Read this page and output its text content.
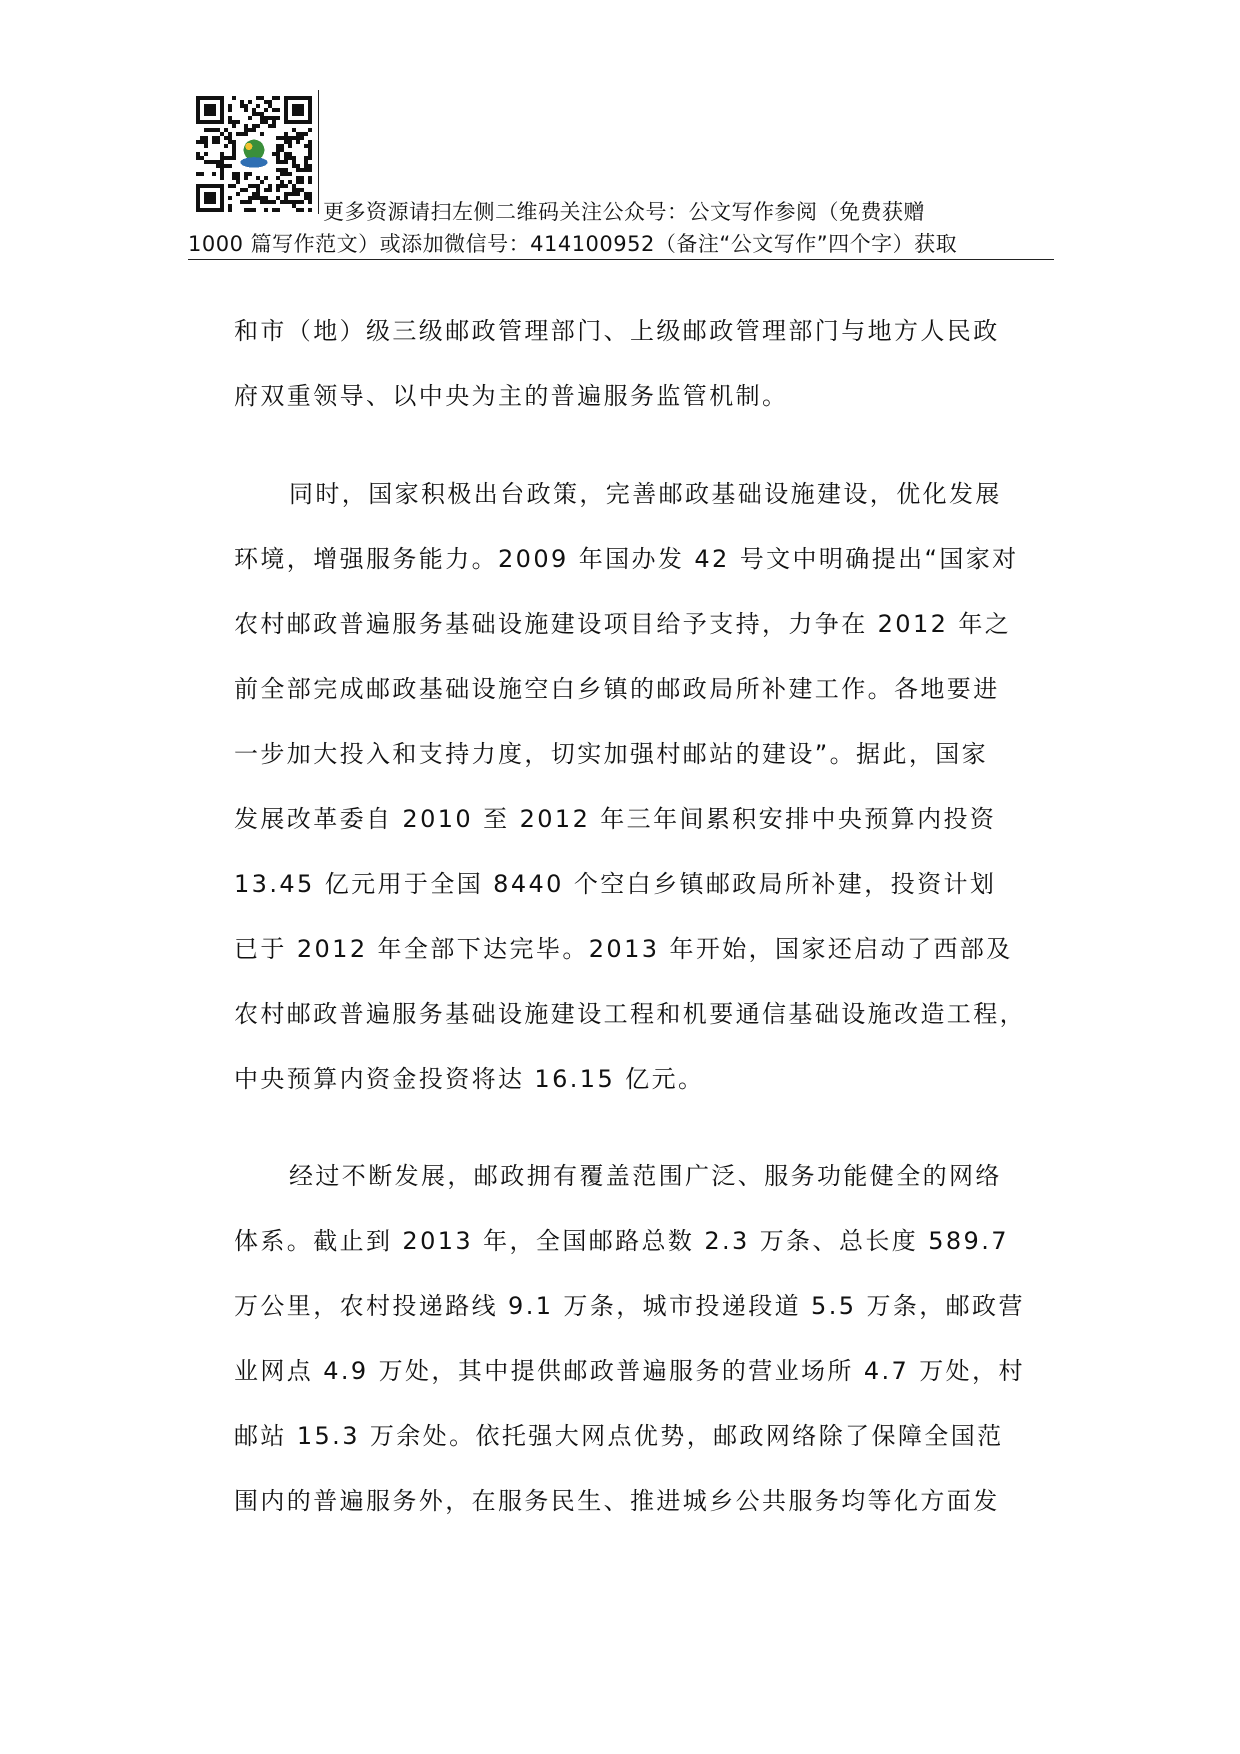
更多资源请扫左侧二维码关注公众号：公文写作参阅（免费获赠
1000 篇写作范文）或添加微信号：414100952（备注“公文写作”四个字）获取
和市（地）级三级邮政管理部门、上级邮政管理部门与地方人民政
府双重领导、以中央为主的普遍服务监管机制。
同时，国家积极出台政策，完善邮政基础设施建设，优化发展
环境，增强服务能力。2009 年国办发 42 号文中明确提出“国家对
农村邮政普遍服务基础设施建设项目给予支持，力争在 2012 年之
前全部完成邮政基础设施空白乡镇的邮政局所补建工作。各地要进
一步加大投入和支持力度，切实加强村邮站的建设”。据此，国家
发展改革委自 2010 至 2012 年三年间累积安排中央预算内投资
13.45 亿元用于全国 8440 个空白乡镇邮政局所补建，投资计划
已于 2012 年全部下达完毕。2013 年开始，国家还启动了西部及
农村邮政普遍服务基础设施建设工程和机要通信基础设施改造工程，
中央预算内资金投资将达 16.15 亿元。
经过不断发展，邮政拥有覆盖范围广泛、服务功能健全的网络
体系。截止到 2013 年，全国邮路总数 2.3 万条、总长度 589.7
万公里，农村投递路线 9.1 万条，城市投递段道 5.5 万条，邮政营
业网点 4.9 万处，其中提供邮政普遍服务的营业场所 4.7 万处，村
邮站 15.3 万余处。依托强大网点优势，邮政网络除了保障全国范
围内的普遍服务外，在服务民生、推进城乡公共服务均等化方面发
